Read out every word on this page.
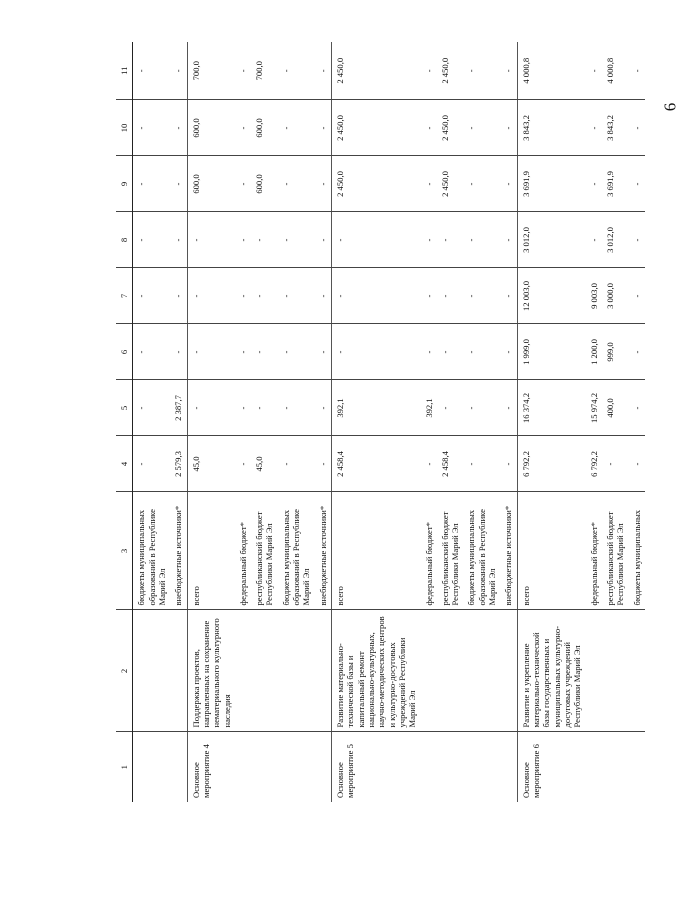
6
1	2	3	4	5	6	7	8	9	10	11
		бюджеты муниципальных образований в Республике Марий Эл	-	-	-	-	-	-	-	-
		внебюджетные источники*	2 579,3	2 387,7	-	-	-	-	-	-
Основное мероприятие 4	Поддержка проектов, направленных на сохранение нематериального культурного наследия	всего	45,0	-	-	-	-	600,0	600,0	700,0
		федеральный бюджет*	-	-	-	-	-	-	-	-
		республиканский бюджет Республики Марий Эл	45,0	-	-	-	-	600,0	600,0	700,0
		бюджеты муниципальных образований в Республике Марий Эл	-	-	-	-	-	-	-	-
		внебюджетные источники*	-	-	-	-	-	-	-	-
Основное мероприятие 5	Развитие материально-технической базы и капитальный ремонт национально-культурных, научно-методических центров и культурно-досуговых учреждений Республики Марий Эл	всего	2 458,4	392,1	-	-	-	2 450,0	2 450,0	2 450,0
		федеральный бюджет*	-	392,1	-	-	-	-	-	-
		республиканский бюджет Республики Марий Эл	2 458,4	-	-	-	-	2 450,0	2 450,0	2 450,0
		бюджеты муниципальных образований в Республике Марий Эл	-	-	-	-	-	-	-	-
		внебюджетные источники*	-	-	-	-	-	-	-	-
Основное мероприятие 6	Развитие и укрепление материально-технической базы государственных и муниципальных культурно-досуговых учреждений Республики Марий Эл	всего	6 792,2	16 374,2	1 999,0	12 003,0	3 012,0	3 691,9	3 843,2	4 000,8
		федеральный бюджет*	6 792,2	15 974,2	1 200,0	9 003,0	-	-	-	-
		республиканский бюджет Республики Марий Эл	-	400,0	999,0	3 000,0	3 012,0	3 691,9	3 843,2	4 000,8
		бюджеты муниципальных	-	-	-	-	-	-	-	-
